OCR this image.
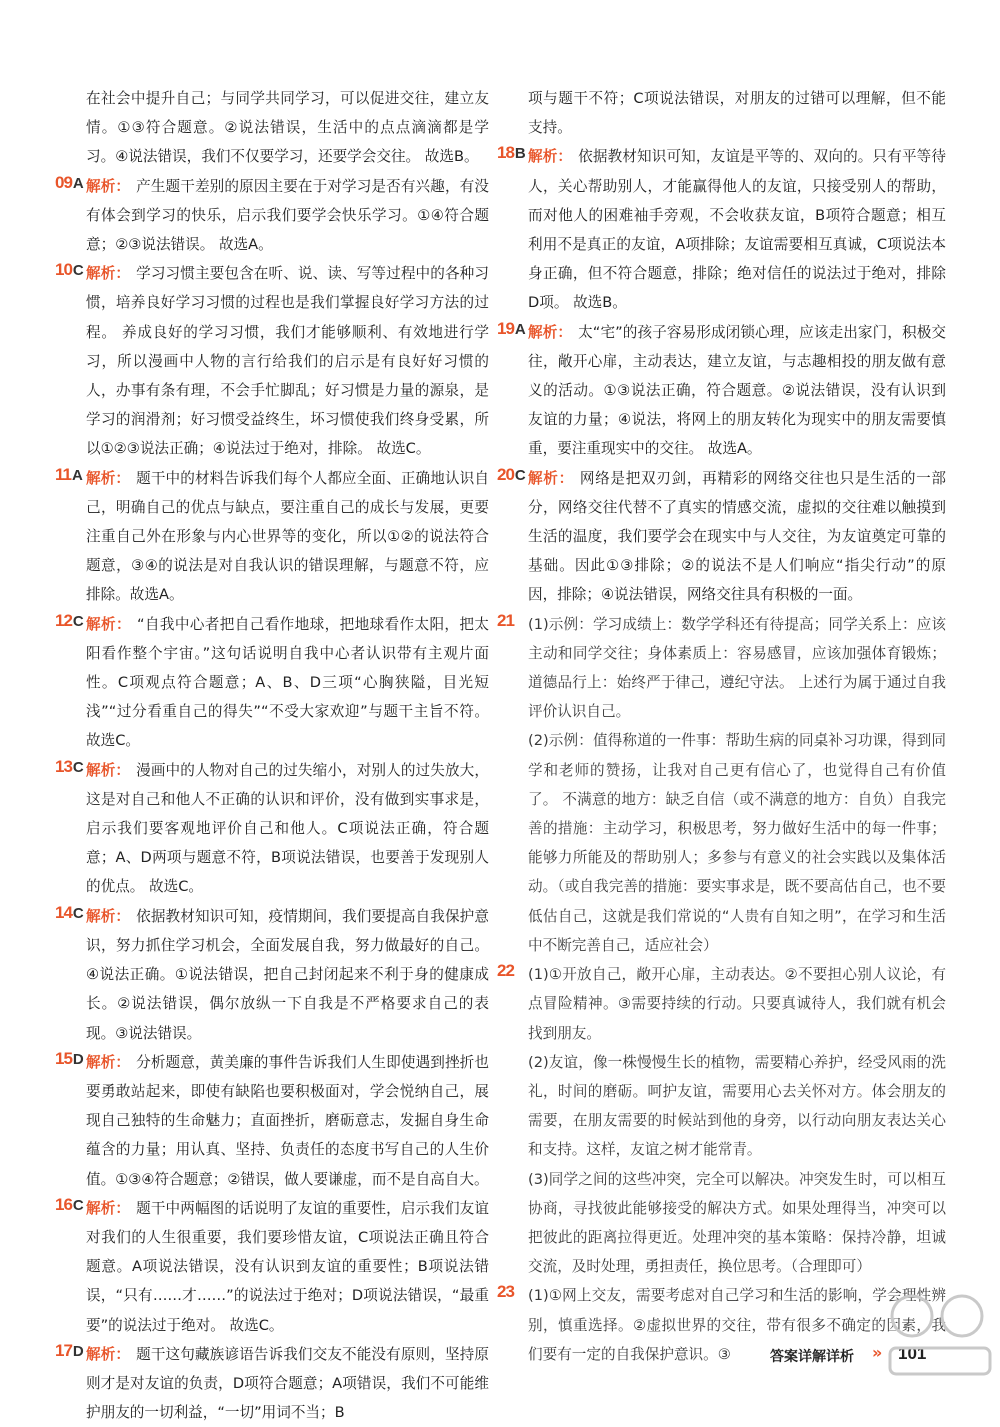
在社会中提升自己；与同学共同学习，可以促进交往，建立友情。①③符合题意。②说法错误，生活中的点点滴滴都是学习。④说法错误，我们不仅要学习，还要学会交往。 故选B。

09A 解析： 产生题干差别的原因主要在于对学习是否有兴趣，有没有体会到学习的快乐，启示我们要学会快乐学习。①④符合题意；②③说法错误。 故选A。

10C 解析： 学习习惯主要包含在听、说、读、写等过程中的各种习惯，培养良好学习习惯的过程也是我们掌握良好学习方法的过程。 养成良好的学习习惯，我们才能够顺利、有效地进行学习，所以漫画中人物的言行给我们的启示是有良好好习惯的人，办事有条有理，不会手忙脚乱；好习惯是力量的源泉，是学习的润滑剂；好习惯受益终生，坏习惯使我们终身受累，所以①②③说法正确；④说法过于绝对，排除。 故选C。

11A 解析： 题干中的材料告诉我们每个人都应全面、正确地认识自己，明确自己的优点与缺点，要注重自己的成长与发展，更要注重自己外在形象与内心世界等的变化，所以①②的说法符合题意，③④的说法是对自我认识的错误理解，与题意不符，应排除。故选A。

12C 解析： “自我中心者把自己看作地球，把地球看作太阳，把太阳看作整个宇宙。”这句话说明自我中心者认识带有主观片面性。C项观点符合题意；A、B、D三项“心胸狭隘，目光短浅”“过分看重自己的得失”“不受大家欢迎”与题干主旨不符。 故选C。

13C 解析： 漫画中的人物对自己的过失缩小，对别人的过失放大，这是对自己和他人不正确的认识和评价，没有做到实事求是，启示我们要客观地评价自己和他人。C项说法正确，符合题意；A、D两项与题意不符，B项说法错误，也要善于发现别人的优点。 故选C。

14C 解析： 依据教材知识可知，疫情期间，我们要提高自我保护意识，努力抓住学习机会，全面发展自我，努力做最好的自己。④说法正确。①说法错误，把自己封闭起来不利于身的健康成长。②说法错误，偶尔放纵一下自我是不严格要求自己的表现。③说法错误。

15D 解析： 分析题意，黄美廉的事件告诉我们人生即使遇到挫折也要勇敢站起来，即使有缺陷也要积极面对，学会悦纳自己，展现自己独特的生命魅力；直面挫折，磨砺意志，发掘自身生命蕴含的力量；用认真、坚持、负责任的态度书写自己的人生价值。①③④符合题意；②错误，做人要谦虚，而不是自高自大。

16C 解析： 题干中两幅图的话说明了友谊的重要性，启示我们友谊对我们的人生很重要，我们要珍惜友谊，C项说法正确且符合题意。A项说法错误，没有认识到友谊的重要性；B项说法错误，“只有……才……”的说法过于绝对；D项说法错误，“最重要”的说法过于绝对。 故选C。

17D 解析： 题干这句藏族谚语告诉我们交友不能没有原则，坚持原则才是对友谊的负责，D项符合题意；A项错误，我们不可能维护朋友的一切利益，“一切”用词不当；B

项与题干不符；C项说法错误，对朋友的过错可以理解，但不能支持。

18B 解析： 依据教材知识可知，友谊是平等的、双向的。只有平等待人，关心帮助别人，才能赢得他人的友谊，只接受别人的帮助，而对他人的困难袖手旁观，不会收获友谊，B项符合题意；相互利用不是真正的友谊，A项排除；友谊需要相互真诚，C项说法本身正确，但不符合题意，排除；绝对信任的说法过于绝对，排除D项。 故选B。

19A 解析： 太“宅”的孩子容易形成闭锁心理，应该走出家门，积极交往，敞开心扉，主动表达，建立友谊，与志趣相投的朋友做有意义的活动。①③说法正确，符合题意。②说法错误，没有认识到友谊的力量；④说法，将网上的朋友转化为现实中的朋友需要慎重，要注重现实中的交往。 故选A。

20C 解析： 网络是把双刃剑，再精彩的网络交往也只是生活的一部分，网络交往代替不了真实的情感交流，虚拟的交往难以触摸到生活的温度，我们要学会在现实中与人交往，为友谊奠定可靠的基础。因此①③排除；②的说法不是人们响应“指尖行动”的原因，排除；④说法错误，网络交往具有积极的一面。

21 (1)示例：学习成绩上：数学学科还有待提高；同学关系上：应该主动和同学交往；身体素质上：容易感冒，应该加强体育锻炼；道德品行上：始终严于律己，遵纪守法。 上述行为属于通过自我评价认识自己。

(2)示例：值得称道的一件事：帮助生病的同桌补习功课，得到同学和老师的赞扬，让我对自己更有信心了，也觉得自己有价值了。 不满意的地方：缺乏自信（或不满意的地方：自负）自我完善的措施：主动学习，积极思考，努力做好生活中的每一件事；能够力所能及的帮助别人；多参与有意义的社会实践以及集体活动。（或自我完善的措施：要实事求是，既不要高估自己，也不要低估自己，这就是我们常说的“人贵有自知之明”，在学习和生活中不断完善自己，适应社会）

22 (1)①开放自己，敞开心扉，主动表达。②不要担心别人议论，有点冒险精神。③需要持续的行动。只要真诚待人，我们就有机会找到朋友。

(2)友谊，像一株慢慢生长的植物，需要精心养护，经受风雨的洗礼，时间的磨砺。呵护友谊，需要用心去关怀对方。体会朋友的需要，在朋友需要的时候站到他的身旁，以行动向朋友表达关心和支持。这样，友谊之树才能常青。

(3)同学之间的这些冲突，完全可以解决。冲突发生时，可以相互协商，寻找彼此能够接受的解决方式。如果处理得当，冲突可以把彼此的距离拉得更近。处理冲突的基本策略：保持冷静，坦诚交流，及时处理，勇担责任，换位思考。（合理即可）

23 (1)①网上交友，需要考虑对自己学习和生活的影响，学会理性辨别，慎重选择。②虚拟世界的交往，带有很多不确定的因素，我们要有一定的自我保护意识。③	答案详解详析 » 101
